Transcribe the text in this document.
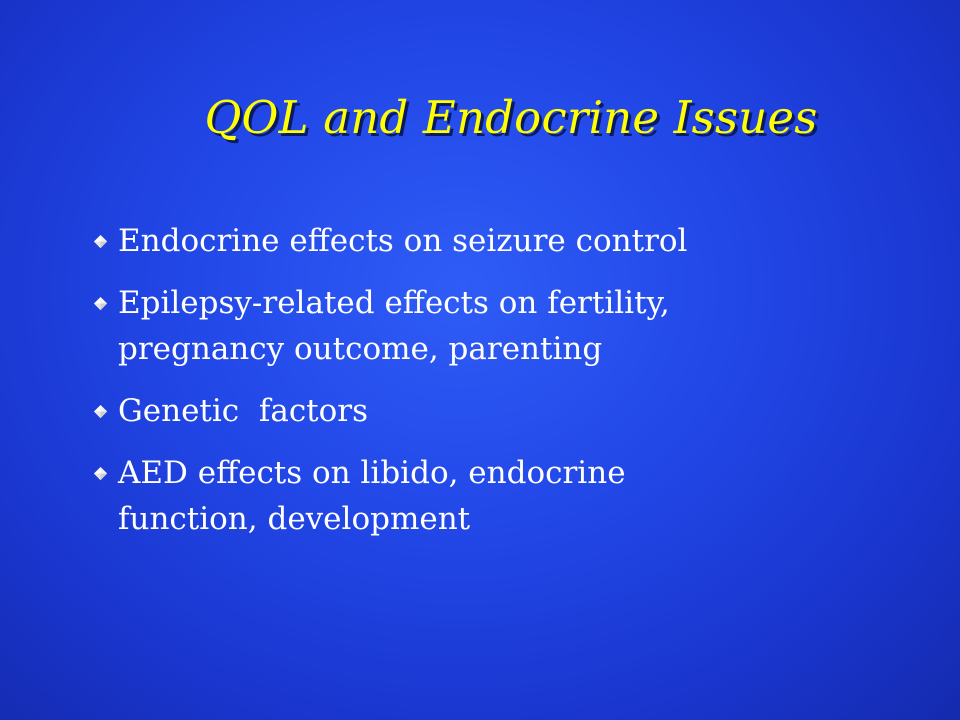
QOL and Endocrine Issues
Endocrine effects on seizure control
Epilepsy-related effects on fertility,
pregnancy outcome, parenting
Genetic  factors
AED effects on libido, endocrine
function, development
